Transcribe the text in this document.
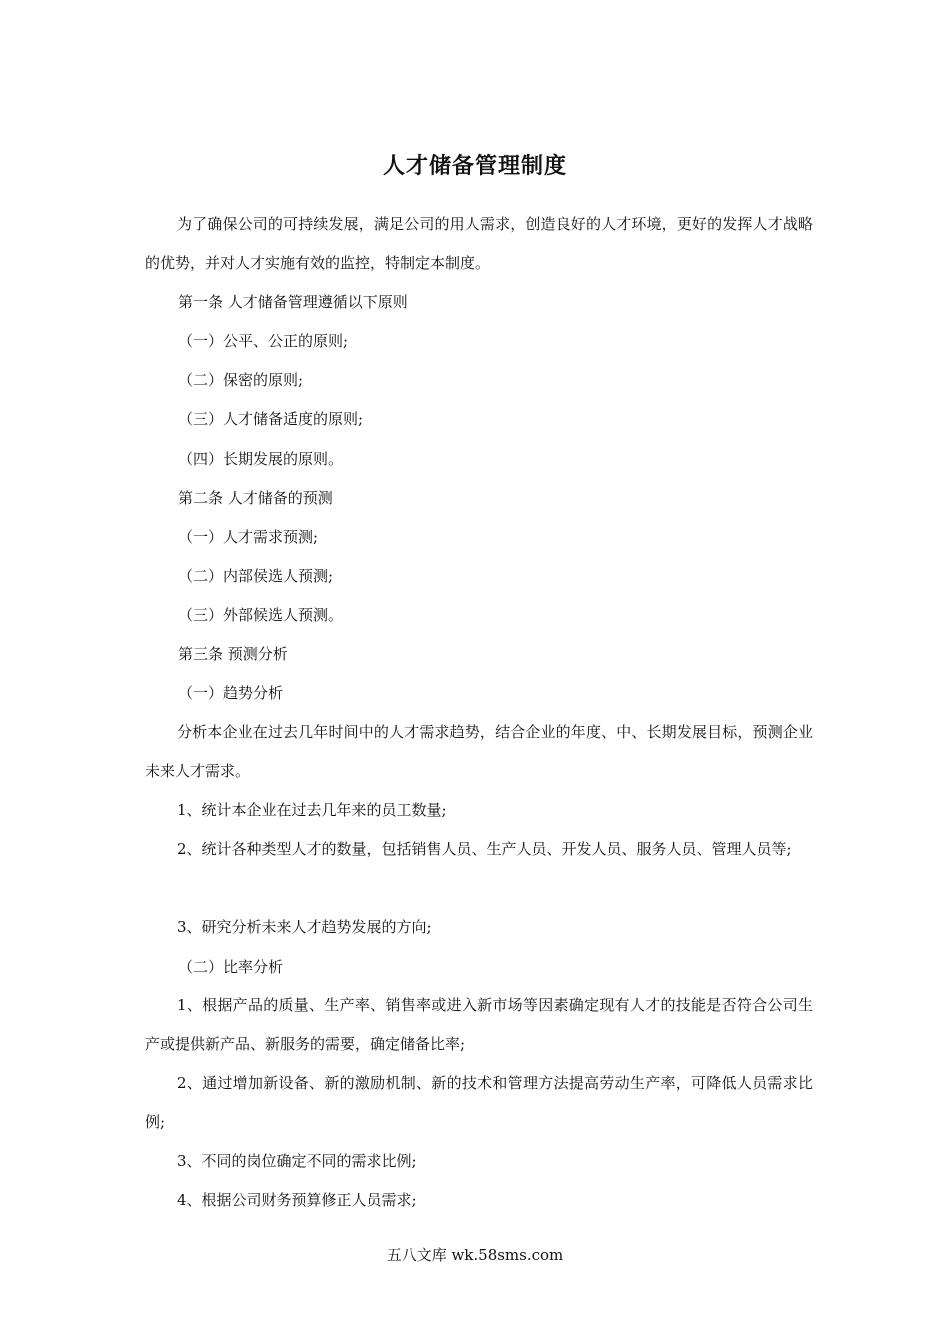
人才储备管理制度
为了确保公司的可持续发展，满足公司的用人需求，创造良好的人才环境，更好的发挥人才战略的优势，并对人才实施有效的监控，特制定本制度。
第一条 人才储备管理遵循以下原则
（一）公平、公正的原则;
（二）保密的原则;
（三）人才储备适度的原则;
（四）长期发展的原则。
第二条 人才储备的预测
（一）人才需求预测;
（二）内部侯选人预测;
（三）外部候选人预测。
第三条 预测分析
（一）趋势分析
分析本企业在过去几年时间中的人才需求趋势，结合企业的年度、中、长期发展目标，预测企业未来人才需求。
1、统计本企业在过去几年来的员工数量;
2、统计各种类型人才的数量，包括销售人员、生产人员、开发人员、服务人员、管理人员等;
3、研究分析未来人才趋势发展的方向;
（二）比率分析
1、根据产品的质量、生产率、销售率或进入新市场等因素确定现有人才的技能是否符合公司生产或提供新产品、新服务的需要，确定储备比率;
2、通过增加新设备、新的激励机制、新的技术和管理方法提高劳动生产率，可降低人员需求比例;
3、不同的岗位确定不同的需求比例;
4、根据公司财务预算修正人员需求;
五八文库 wk.58sms.com
